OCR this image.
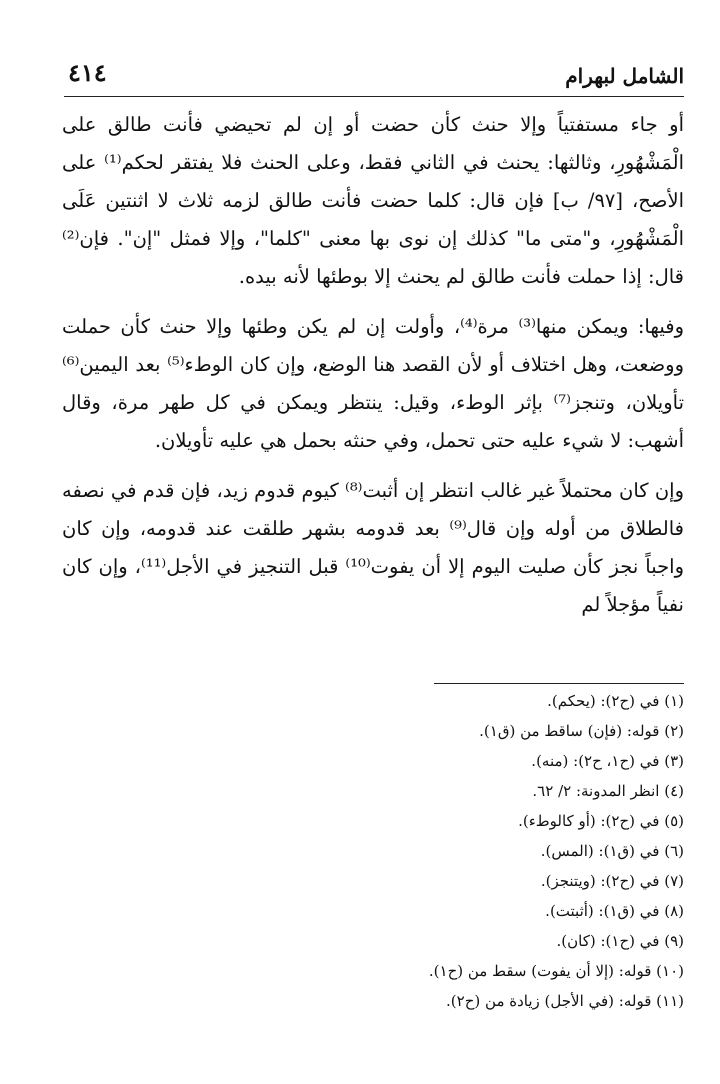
الشامل لبهرام
٤١٤

أو جاء مستفتياً وإلا حنث كأن حضت أو إن لم تحيضي فأنت طالق على الْمَشْهُورِ، وثالثها: يحنث في الثاني فقط، وعلى الحنث فلا يفتقر لحكم⁽¹⁾ على الأصح، [٩٧/ ب] فإن قال: كلما حضت فأنت طالق لزمه ثلاث لا اثنتين عَلَى الْمَشْهُورِ، و"متى ما" كذلك إن نوى بها معنى "كلما"، وإلا فمثل "إن". فإن⁽²⁾ قال: إذا حملت فأنت طالق لم يحنث إلا بوطئها لأنه بيده.

وفيها: ويمكن منها⁽³⁾ مرة⁽⁴⁾، وأولت إن لم يكن وطئها وإلا حنث كأن حملت ووضعت، وهل اختلاف أو لأن القصد هنا الوضع، وإن كان الوطء⁽⁵⁾ بعد اليمين⁽⁶⁾ تأويلان، وتنجز⁽⁷⁾ بإثر الوطء، وقيل: ينتظر ويمكن في كل طهر مرة، وقال أشهب: لا شيء عليه حتى تحمل، وفي حنثه بحمل هي عليه تأويلان.

وإن كان محتملاً غير غالب انتظر إن أثبت⁽⁸⁾ كيوم قدوم زيد، فإن قدم في نصفه فالطلاق من أوله وإن قال⁽⁹⁾ بعد قدومه بشهر طلقت عند قدومه، وإن كان واجباً نجز كأن صليت اليوم إلا أن يفوت⁽¹⁰⁾ قبل التنجيز في الأجل⁽¹¹⁾، وإن كان نفياً مؤجلاً لم

(١) في (ح٢): (يحكم).
(٢) قوله: (فإن) ساقط من (ق١).
(٣) في (ح١، ح٢): (منه).
(٤) انظر المدونة: ٢/ ٦٢.
(٥) في (ح٢): (أو كالوطء).
(٦) في (ق١): (المس).
(٧) في (ح٢): (ويتنجز).
(٨) في (ق١): (أثبتت).
(٩) في (ح١): (كان).
(١٠) قوله: (إلا أن يفوت) سقط من (ح١).
(١١) قوله: (في الأجل) زيادة من (ح٢).
